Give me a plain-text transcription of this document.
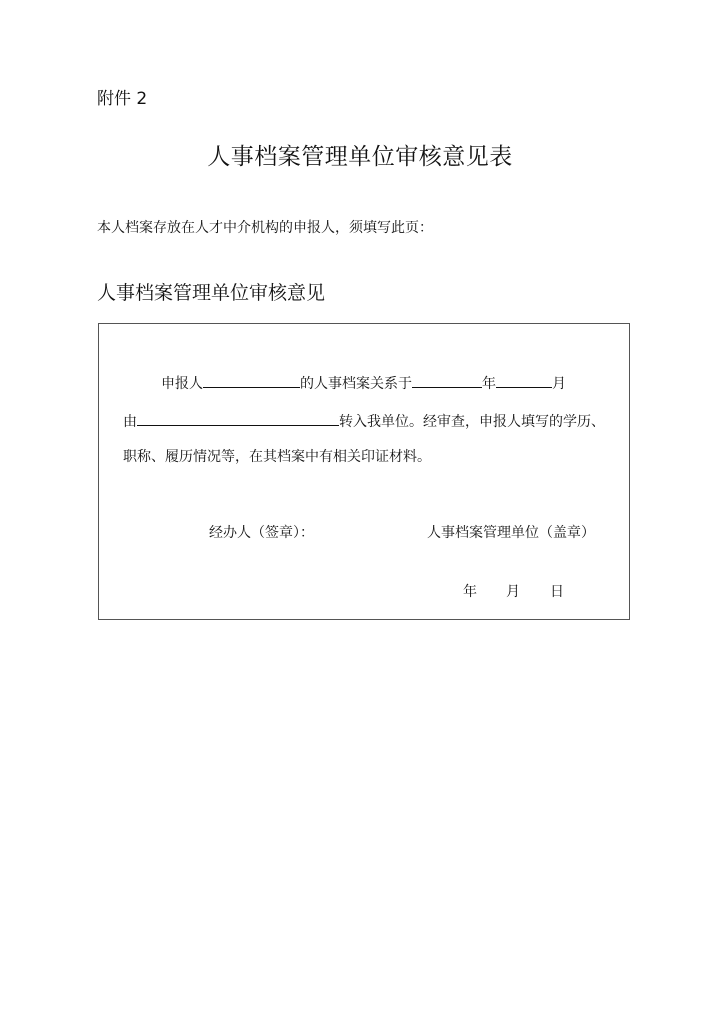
附件 2
人事档案管理单位审核意见表
本人档案存放在人才中介机构的申报人，须填写此页：
人事档案管理单位审核意见
申报人	的人事档案关系于	年	月
由	转入我单位。经审查，申报人填写的学历、
职称、履历情况等，在其档案中有相关印证材料。
经办人（签章）：	人事档案管理单位（盖章）
年 月 日
